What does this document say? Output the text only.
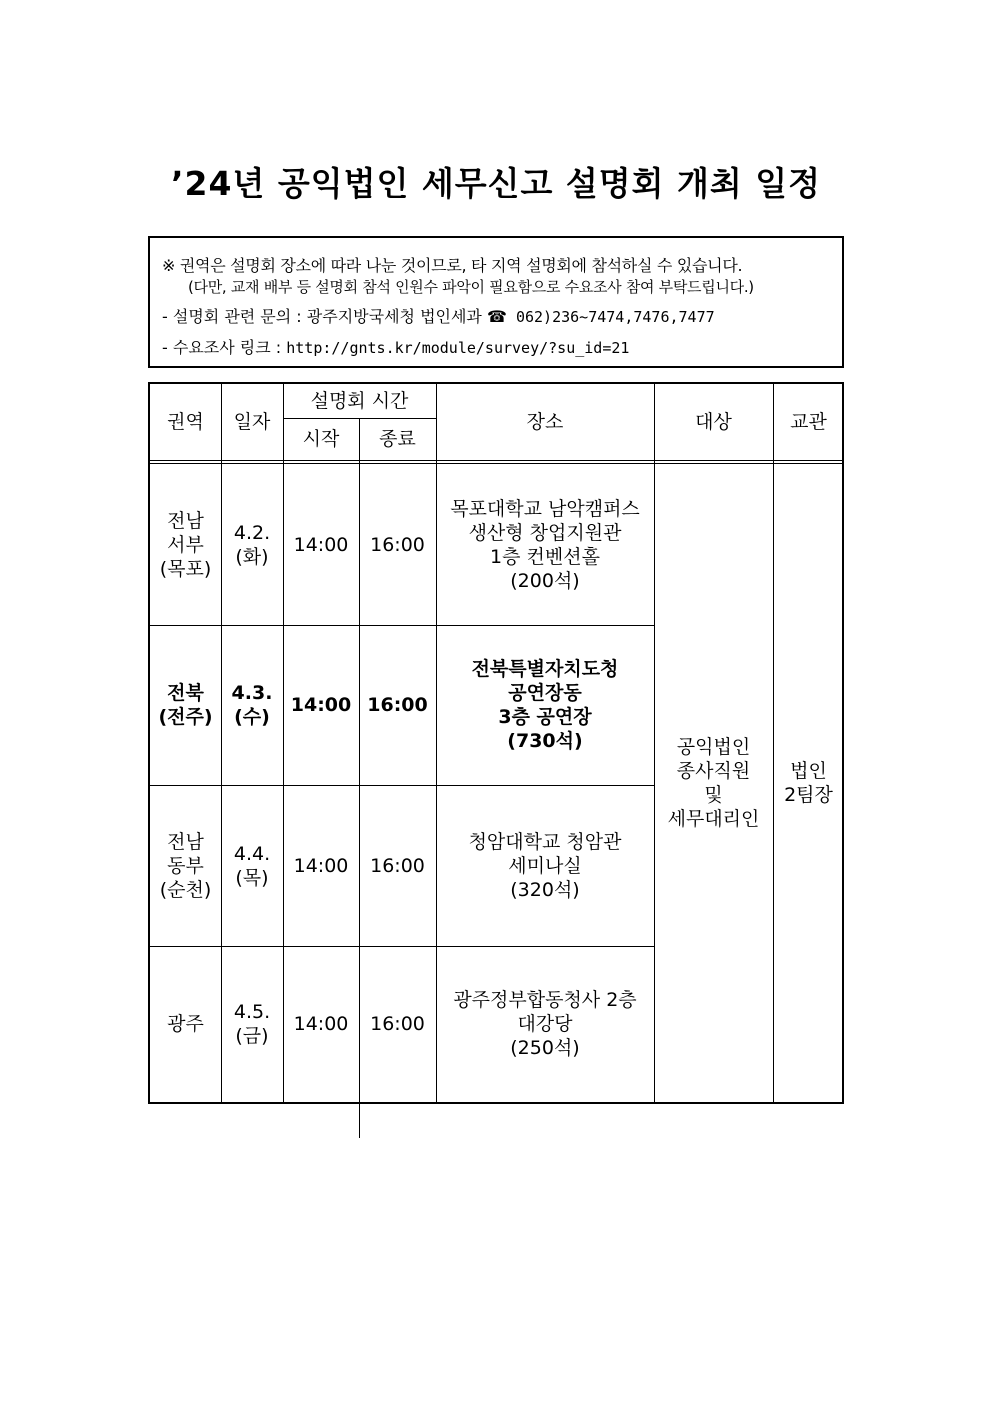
’24년 공익법인 세무신고 설명회 개최 일정
※ 권역은 설명회 장소에 따라 나눈 것이므로, 타 지역 설명회에 참석하실 수 있습니다.
(다만, 교재 배부 등 설명회 참석 인원수 파악이 필요함으로 수요조사 참여 부탁드립니다.)
- 설명회 관련 문의 : 광주지방국세청 법인세과 ☎ 062)236~7474,7476,7477
- 수요조사 링크 : http://gnts.kr/module/survey/?su_id=21
권역 일자
설명회 시간
시작 종료
장소	대상	교관
전남
서부
(목포)
4.2.
(화)
14:00 16:00
목포대학교 남악캠퍼스
생산형 창업지원관
1층 컨벤션홀
(200석)
전북
(전주)
4.3.
(수)
14:00 16:00
전북특별자치도청
공연장동
3층 공연장
(730석)
전남
동부
(순천)
4.4.
(목)
14:00 16:00
청암대학교 청암관
세미나실
(320석)
광주
4.5.
(금)
14:00 16:00
광주정부합동청사 2층
대강당
(250석)
공익법인
종사직원
및
세무대리인
법인
2팀장
